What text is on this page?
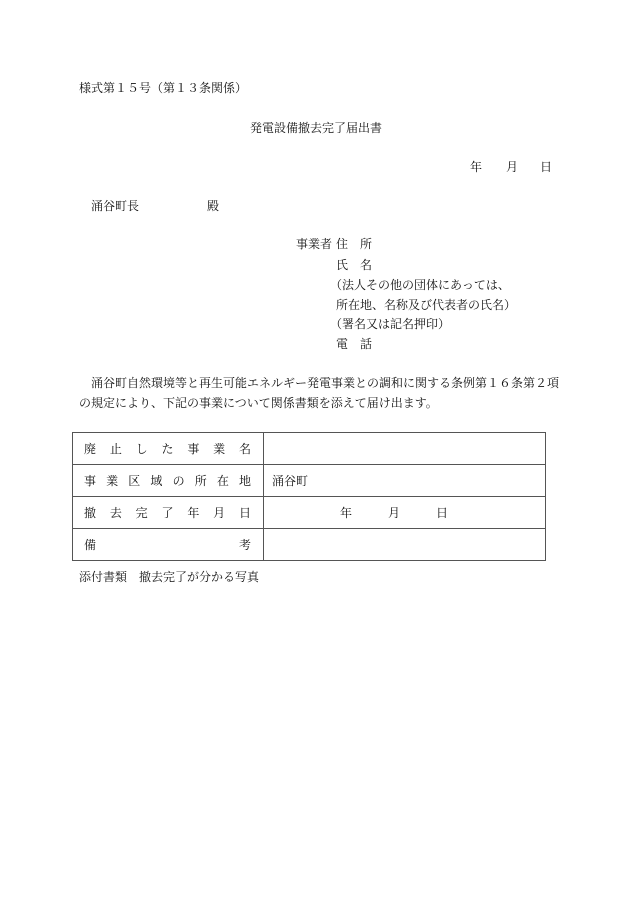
様式第１５号（第１３条関係）
発電設備撤去完了届出書
年 月 日
涌谷町長	殿
事業者 住　所
氏　名
（法人その他の団体にあっては、
所在地、名称及び代表者の氏名）
（署名又は記名押印）
電　話
涌谷町自然環境等と再生可能エネルギー発電事業との調和に関する条例第１６条第２項
の規定により、下記の事業について関係書類を添えて届け出ます。
廃止した事業名	

事業区域の所在地	涌谷町

撤去完了年月日	年　　　月　　　日

備考	

添付書類　撤去完了が分かる写真
